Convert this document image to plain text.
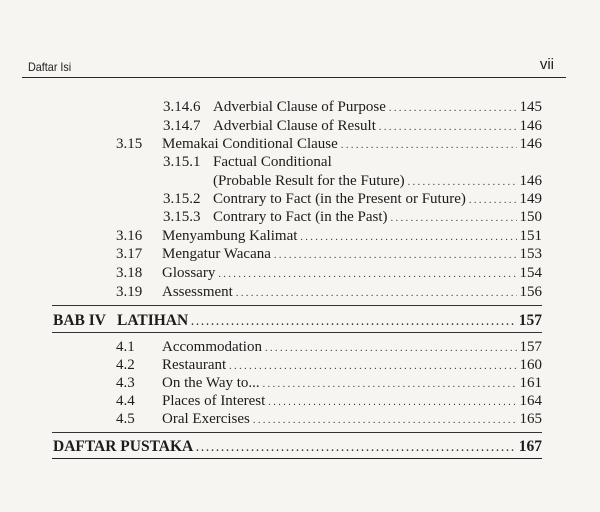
Daftar Isi	vii
3.14.6 Adverbial Clause of Purpose . . .	145
3.14.7 Adverbial Clause of Result . . .	146
3.15	Memakai Conditional Clause . . .	146
3.15.1 Factual Conditional
(Probable Result for the Future) . . .	146
3.15.2 Contrary to Fact (in the Present or Future) . . .	149
3.15.3 Contrary to Fact (in the Past) . . .	150
3.16	Menyambung Kalimat . . .	151
3.17	Mengatur Wacana . . .	153
3.18	Glossary . . .	154
3.19	Assessment . . .	156
BAB IV LATIHAN . . .	157
4.1	Accommodation . . .	157
4.2	Restaurant . . .	160
4.3	On the Way to... . . .	161
4.4	Places of Interest . . .	164
4.5	Oral Exercises . . .	165
DAFTAR PUSTAKA . . .	167
